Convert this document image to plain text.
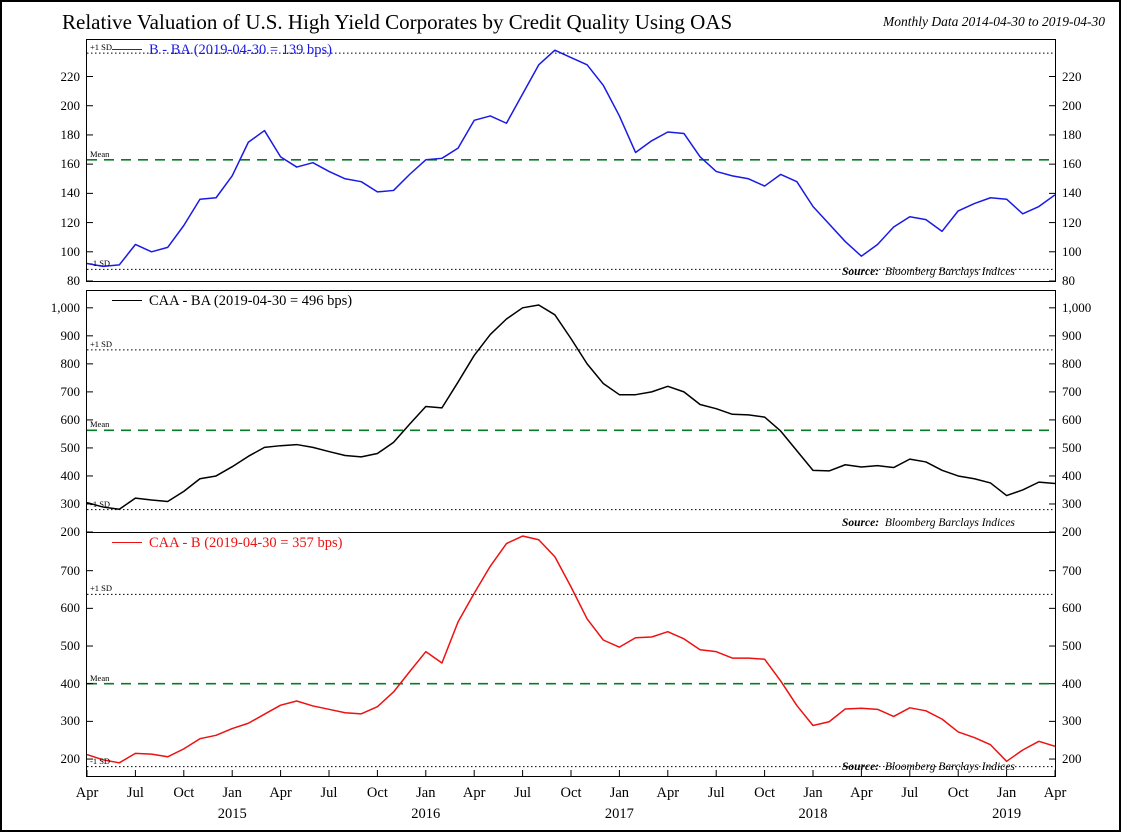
Relative Valuation of U.S. High Yield Corporates by Credit Quality Using OAS	Monthly Data 2014-04-30 to 2019-04-30
B - BA (2019-04-30 = 139 bps)
Source: Bloomberg Barclays Indices
CAA - BA (2019-04-30 = 496 bps)
Source: Bloomberg Barclays Indices
CAA - B (2019-04-30 = 357 bps)
Source: Bloomberg Barclays Indices
80	80
100	100
120	120
140	140
160	160
180	180
200	200
220	220
+1 SD
Mean
-1 SD
200	200
300	300
400	400
500	500
600	600
700	700
800	800
900	900
1,000	1,000
+1 SD
Mean
-1 SD
200	200
300	300
400	400
500	500
600	600
700	700
+1 SD
Mean
-1 SD
Apr	Jul	Oct	Jan	Apr	Jul	Oct	Jan	Apr	Jul	Oct	Jan	Apr	Jul	Oct	Jan	Apr	Jul	Oct	Jan	Apr
2015	2016	2017	2018	2019
